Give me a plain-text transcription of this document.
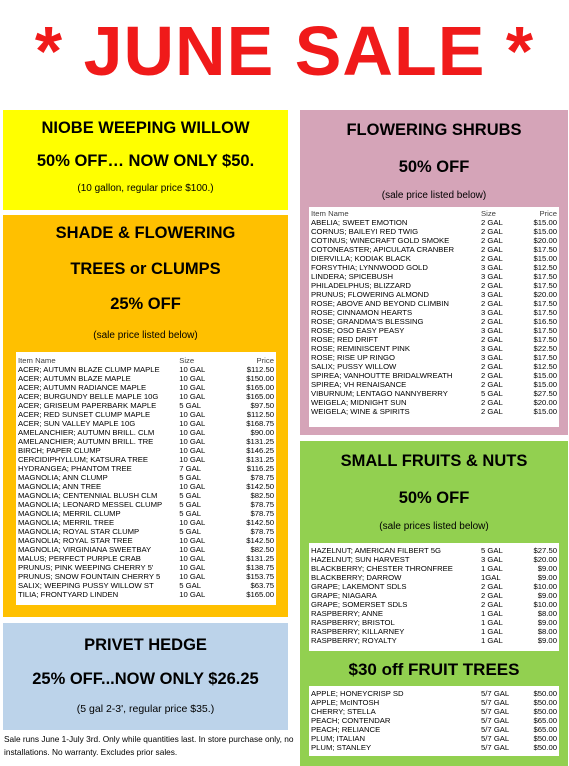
* JUNE SALE *
NIOBE WEEPING WILLOW
50% OFF… NOW ONLY $50.
(10 gallon, regular price $100.)
SHADE & FLOWERING
TREES or CLUMPS
25% OFF
(sale price listed below)
Item Name	Size	Price
ACER; AUTUMN BLAZE CLUMP MAPLE	10 GAL	$112.50
ACER; AUTUMN BLAZE MAPLE	10 GAL	$150.00
ACER; AUTUMN RADIANCE MAPLE	10 GAL	$165.00
ACER; BURGUNDY BELLE MAPLE 10G	10 GAL	$165.00
ACER; GRISEUM PAPERBARK MAPLE	5 GAL	$97.50
ACER; RED SUNSET CLUMP MAPLE	10 GAL	$112.50
ACER; SUN VALLEY MAPLE 10G	10 GAL	$168.75
AMELANCHIER; AUTUMN BRILL. CLM	10 GAL	$90.00
AMELANCHIER; AUTUMN BRILL. TRE	10 GAL	$131.25
BIRCH; PAPER CLUMP	10 GAL	$146.25
CERCIDIPHYLLUM; KATSURA TREE	10 GAL	$131.25
HYDRANGEA; PHANTOM TREE	7 GAL	$116.25
MAGNOLIA; ANN CLUMP	5 GAL	$78.75
MAGNOLIA; ANN TREE	10 GAL	$142.50
MAGNOLIA; CENTENNIAL BLUSH CLM	5 GAL	$82.50
MAGNOLIA; LEONARD MESSEL CLUMP	5 GAL	$78.75
MAGNOLIA; MERRIL CLUMP	5 GAL	$78.75
MAGNOLIA; MERRIL TREE	10 GAL	$142.50
MAGNOLIA; ROYAL STAR CLUMP	5 GAL	$78.75
MAGNOLIA; ROYAL STAR TREE	10 GAL	$142.50
MAGNOLIA; VIRGINIANA SWEETBAY	10 GAL	$82.50
MALUS; PERFECT PURPLE CRAB	10 GAL	$131.25
PRUNUS; PINK WEEPING CHERRY 5'	10 GAL	$138.75
PRUNUS; SNOW FOUNTAIN CHERRY 5	10 GAL	$153.75
SALIX; WEEPING PUSSY WILLOW ST	5 GAL	$63.75
TILIA; FRONTYARD LINDEN	10 GAL	$165.00
PRIVET HEDGE
25% OFF...NOW ONLY $26.25
(5 gal 2-3', regular price $35.)
Sale runs June 1-July 3rd. Only while quantities last. In store purchase only, no installations. No warranty. Excludes prior sales.
FLOWERING SHRUBS
50% OFF
(sale price listed below)
Item Name	Size	Price
ABELIA; SWEET EMOTION	2 GAL	$15.00
CORNUS; BAILEYI RED TWIG	2 GAL	$15.00
COTINUS; WINECRAFT GOLD SMOKE	2 GAL	$20.00
COTONEASTER; APICULATA CRANBER	2 GAL	$17.50
DIERVILLA; KODIAK BLACK	2 GAL	$15.00
FORSYTHIA; LYNNWOOD GOLD	3 GAL	$12.50
LINDERA; SPICEBUSH	3 GAL	$17.50
PHILADELPHUS; BLIZZARD	2 GAL	$17.50
PRUNUS; FLOWERING ALMOND	3 GAL	$20.00
ROSE; ABOVE AND BEYOND CLIMBIN	2 GAL	$17.50
ROSE; CINNAMON HEARTS	3 GAL	$17.50
ROSE; GRANDMA'S BLESSING	2 GAL	$16.50
ROSE; OSO EASY PEASY	3 GAL	$17.50
ROSE; RED DRIFT	2 GAL	$17.50
ROSE; REMINISCENT PINK	3 GAL	$22.50
ROSE; RISE UP RINGO	3 GAL	$17.50
SALIX; PUSSY WILLOW	2 GAL	$12.50
SPIREA; VANHOUTTE BRIDALWREATH	2 GAL	$15.00
SPIREA; VH RENAISANCE	2 GAL	$15.00
VIBURNUM; LENTAGO NANNYBERRY	5 GAL	$27.50
WEIGELA; MIDNIGHT SUN	2 GAL	$20.00
WEIGELA; WINE & SPIRITS	2 GAL	$15.00
SMALL FRUITS & NUTS
50% OFF
(sale prices listed below)
HAZELNUT; AMERICAN FILBERT 5G	5 GAL	$27.50
HAZELNUT; SUN HARVEST	3 GAL	$20.00
BLACKBERRY; CHESTER THRONFREE	1 GAL	$9.00
BLACKBERRY; DARROW	1GAL	$9.00
GRAPE; LAKEMONT SDLS	2 GAL	$10.00
GRAPE; NIAGARA	2 GAL	$9.00
GRAPE; SOMERSET SDLS	2 GAL	$10.00
RASPBERRY; ANNE	1 GAL	$8.00
RASPBERRY; BRISTOL	1 GAL	$9.00
RASPBERRY; KILLARNEY	1 GAL	$8.00
RASPBERRY; ROYALTY	1 GAL	$9.00
$30 off FRUIT TREES
APPLE; HONEYCRISP SD	5/7 GAL	$50.00
APPLE; McINTOSH	5/7 GAL	$50.00
CHERRY; STELLA	5/7 GAL	$50.00
PEACH; CONTENDAR	5/7 GAL	$65.00
PEACH; RELIANCE	5/7 GAL	$65.00
PLUM; ITALIAN	5/7 GAL	$50.00
PLUM; STANLEY	5/7 GAL	$50.00
